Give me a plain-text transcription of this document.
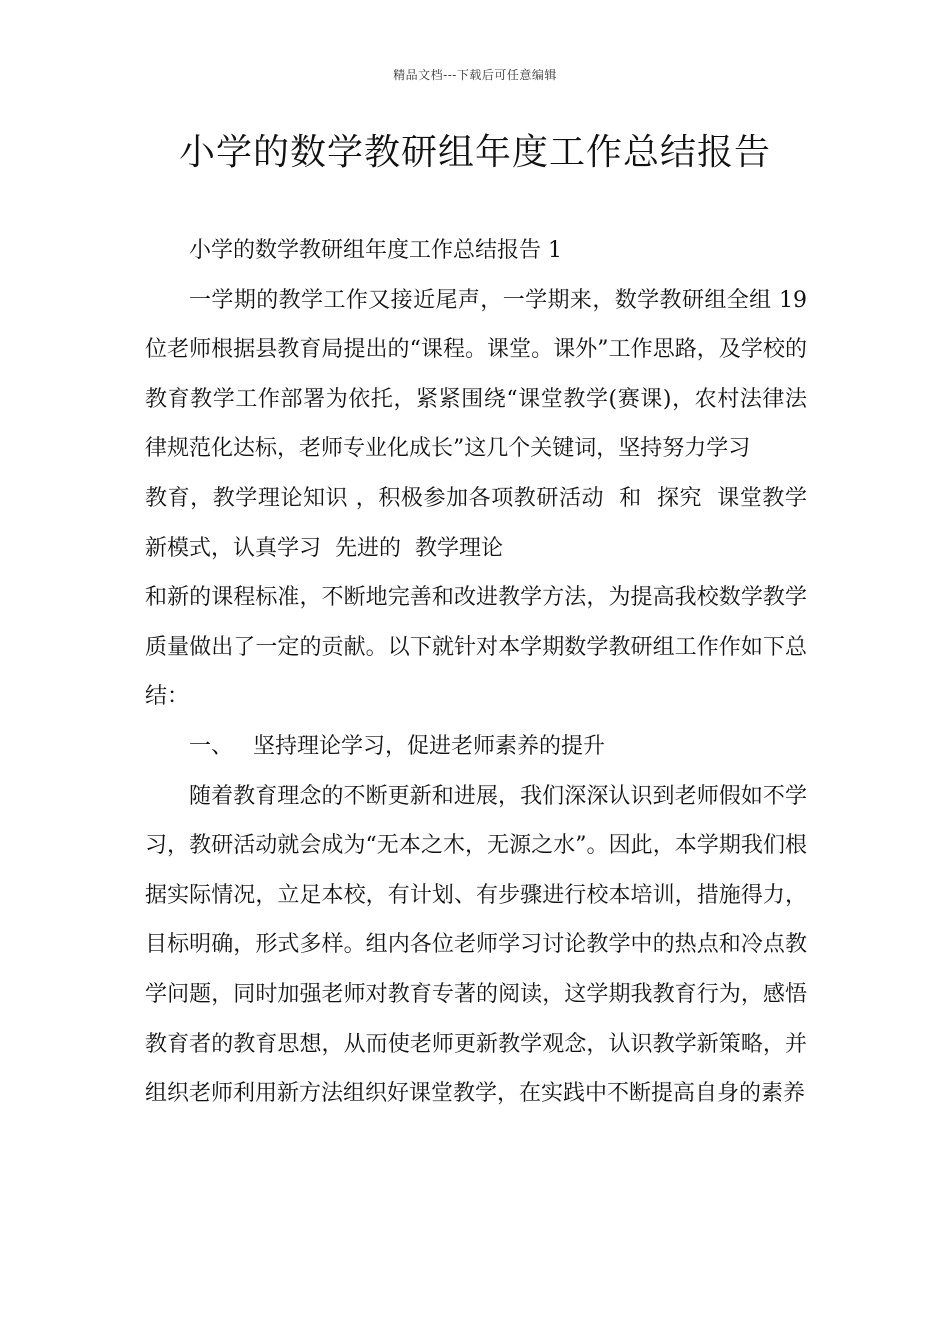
精品文档---下载后可任意编辑
小学的数学教研组年度工作总结报告

小学的数学教研组年度工作总结报告 1

一学期的教学工作又接近尾声，一学期来，数学教研组全组 19 位老师根据县教育局提出的“课程。课堂。课外”工作思路，及学校的教育教学工作部署为依托，紧紧围绕“课堂教学(赛课)，农村法律法律规范化达标，老师专业化成长”这几个关键词，坚持努力学习

教育，教学理论知识 ，积极参加各项教研活动  和  探究  课堂教学新模式，认真学习  先进的  教学理论

和新的课程标准，不断地完善和改进教学方法，为提高我校数学教学质量做出了一定的贡献。以下就针对本学期数学教研组工作作如下总结：

一、 坚持理论学习，促进老师素养的提升

随着教育理念的不断更新和进展，我们深深认识到老师假如不学习，教研活动就会成为“无本之木，无源之水”。因此，本学期我们根据实际情况，立足本校，有计划、有步骤进行校本培训，措施得力，目标明确，形式多样。组内各位老师学习讨论教学中的热点和冷点教学问题，同时加强老师对教育专著的阅读，这学期我教育行为，感悟教育者的教育思想，从而使老师更新教学观念，认识教学新策略，并组织老师利用新方法组织好课堂教学，在实践中不断提高自身的素养
